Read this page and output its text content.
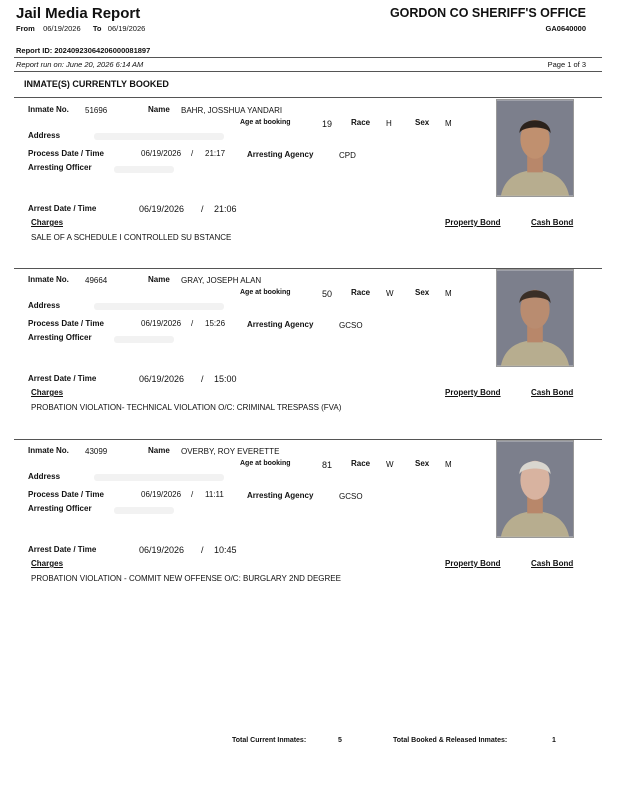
Jail Media Report
From 06/19/2026 To 06/19/2026
GORDON CO SHERIFF'S OFFICE
GA0640000
Report ID: 20240923064206000081897
Report run on: June 20, 2026 6:14 AM	Page 1 of 3
INMATE(S) CURRENTLY BOOKED
Inmate No. 51696	Name BAHR, JOSSHUA YANDARI
Age at booking	19 Race H	Sex M
Address
Process Date / Time	06/19/2026 / 21:17	Arresting Agency	CPD
Arresting Officer
Arrest Date / Time	06/19/2026 / 21:06
Charges	Property Bond	Cash Bond
SALE OF A SCHEDULE I CONTROLLED SU BSTANCE
Inmate No. 49664	Name GRAY, JOSEPH ALAN
Age at booking	50 Race W	Sex M
Address
Process Date / Time	06/19/2026 / 15:26	Arresting Agency	GCSO
Arresting Officer
Arrest Date / Time	06/19/2026 / 15:00
Charges	Property Bond	Cash Bond
PROBATION VIOLATION- TECHNICAL VIOLATION O/C: CRIMINAL TRESPASS (FVA)
Inmate No. 43099	Name OVERBY, ROY EVERETTE
Age at booking	81 Race W	Sex M
Address
Process Date / Time	06/19/2026 / 11:11	Arresting Agency	GCSO
Arresting Officer
Arrest Date / Time	06/19/2026 / 10:45
Charges	Property Bond	Cash Bond
PROBATION VIOLATION - COMMIT NEW OFFENSE O/C: BURGLARY 2ND DEGREE
Total Current Inmates:	5	Total Booked & Released Inmates:	1
